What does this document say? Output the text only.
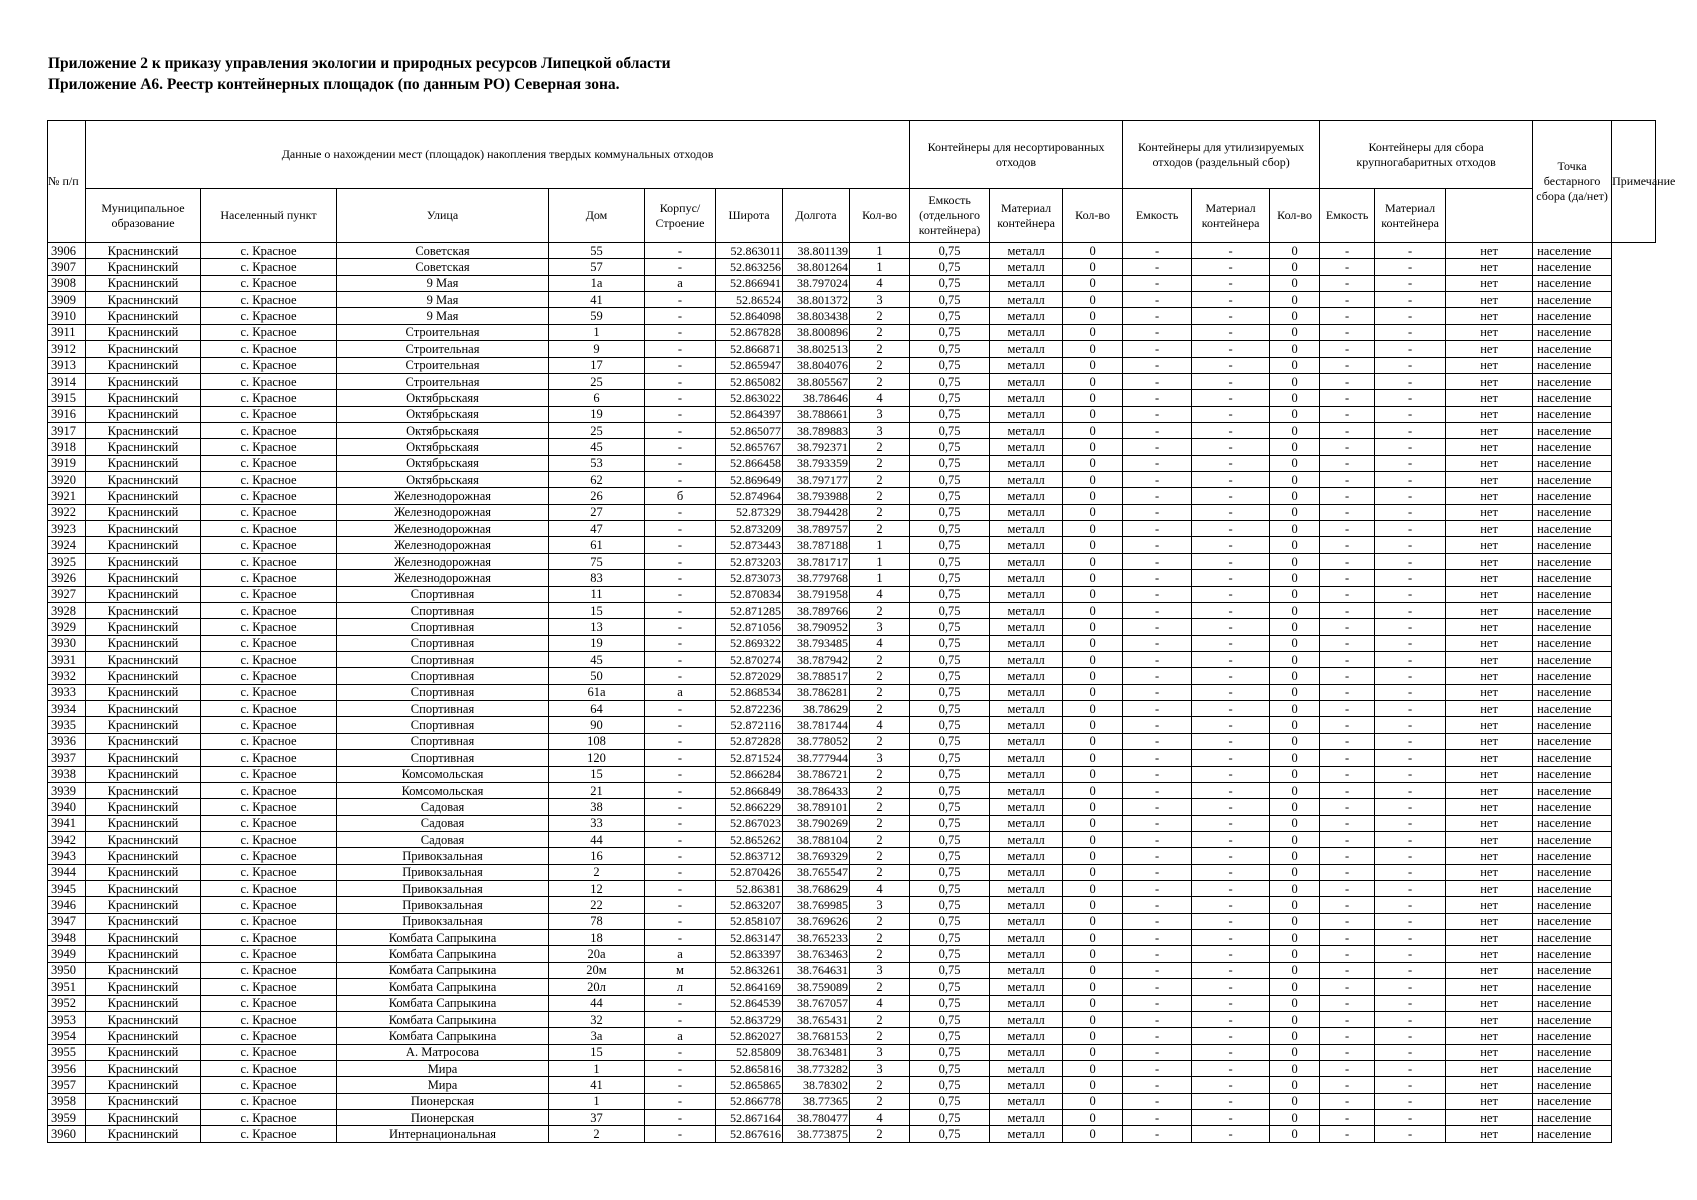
Приложение 2 к приказу управления экологии и природных ресурсов Липецкой области
Приложение А6. Реестр контейнерных площадок (по данным РО) Северная зона.
№ п/п	Данные о нахождении мест (площадок) накопления твердых коммунальных отходов								Контейнеры для несортированных отходов			Контейнеры для утилизируемых отходов (раздельный сбор)			Контейнеры для сбора крупногабаритных отходов			Точка бестарного сбора (да/нет)	Примечание
	Муниципальное образование	Населенный пункт	Улица	Дом	Корпус/ Строение	Широта	Долгота	Кол-во	Емкость (отдельного контейнера)	Материал контейнера	Кол-во	Емкость	Материал контейнера	Кол-во	Емкость	Материал контейнера			
3906	Краснинский	с. Красное	Советская	55	-	52.863011	38.801139	1	0,75	металл	0	-	-	0	-	-	нет	население	
3907	Краснинский	с. Красное	Советская	57	-	52.863256	38.801264	1	0,75	металл	0	-	-	0	-	-	нет	население	
3908	Краснинский	с. Красное	9 Мая	1а	а	52.866941	38.797024	4	0,75	металл	0	-	-	0	-	-	нет	население	
3909	Краснинский	с. Красное	9 Мая	41	-	52.86524	38.801372	3	0,75	металл	0	-	-	0	-	-	нет	население	
3910	Краснинский	с. Красное	9 Мая	59	-	52.864098	38.803438	2	0,75	металл	0	-	-	0	-	-	нет	население	
3911	Краснинский	с. Красное	Строительная	1	-	52.867828	38.800896	2	0,75	металл	0	-	-	0	-	-	нет	население	
3912	Краснинский	с. Красное	Строительная	9	-	52.866871	38.802513	2	0,75	металл	0	-	-	0	-	-	нет	население	
3913	Краснинский	с. Красное	Строительная	17	-	52.865947	38.804076	2	0,75	металл	0	-	-	0	-	-	нет	население	
3914	Краснинский	с. Красное	Строительная	25	-	52.865082	38.805567	2	0,75	металл	0	-	-	0	-	-	нет	население	
3915	Краснинский	с. Красное	Октябрьскаяя	6	-	52.863022	38.78646	4	0,75	металл	0	-	-	0	-	-	нет	население	
3916	Краснинский	с. Красное	Октябрьскаяя	19	-	52.864397	38.788661	3	0,75	металл	0	-	-	0	-	-	нет	население	
3917	Краснинский	с. Красное	Октябрьскаяя	25	-	52.865077	38.789883	3	0,75	металл	0	-	-	0	-	-	нет	население	
3918	Краснинский	с. Красное	Октябрьскаяя	45	-	52.865767	38.792371	2	0,75	металл	0	-	-	0	-	-	нет	население	
3919	Краснинский	с. Красное	Октябрьскаяя	53	-	52.866458	38.793359	2	0,75	металл	0	-	-	0	-	-	нет	население	
3920	Краснинский	с. Красное	Октябрьскаяя	62	-	52.869649	38.797177	2	0,75	металл	0	-	-	0	-	-	нет	население	
3921	Краснинский	с. Красное	Железнодорожная	26	б	52.874964	38.793988	2	0,75	металл	0	-	-	0	-	-	нет	население	
3922	Краснинский	с. Красное	Железнодорожная	27	-	52.87329	38.794428	2	0,75	металл	0	-	-	0	-	-	нет	население	
3923	Краснинский	с. Красное	Железнодорожная	47	-	52.873209	38.789757	2	0,75	металл	0	-	-	0	-	-	нет	население	
3924	Краснинский	с. Красное	Железнодорожная	61	-	52.873443	38.787188	1	0,75	металл	0	-	-	0	-	-	нет	население	
3925	Краснинский	с. Красное	Железнодорожная	75	-	52.873203	38.781717	1	0,75	металл	0	-	-	0	-	-	нет	население	
3926	Краснинский	с. Красное	Железнодорожная	83	-	52.873073	38.779768	1	0,75	металл	0	-	-	0	-	-	нет	население	
3927	Краснинский	с. Красное	Спортивная	11	-	52.870834	38.791958	4	0,75	металл	0	-	-	0	-	-	нет	население	
3928	Краснинский	с. Красное	Спортивная	15	-	52.871285	38.789766	2	0,75	металл	0	-	-	0	-	-	нет	население	
3929	Краснинский	с. Красное	Спортивная	13	-	52.871056	38.790952	3	0,75	металл	0	-	-	0	-	-	нет	население	
3930	Краснинский	с. Красное	Спортивная	19	-	52.869322	38.793485	4	0,75	металл	0	-	-	0	-	-	нет	население	
3931	Краснинский	с. Красное	Спортивная	45	-	52.870274	38.787942	2	0,75	металл	0	-	-	0	-	-	нет	население	
3932	Краснинский	с. Красное	Спортивная	50	-	52.872029	38.788517	2	0,75	металл	0	-	-	0	-	-	нет	население	
3933	Краснинский	с. Красное	Спортивная	61а	а	52.868534	38.786281	2	0,75	металл	0	-	-	0	-	-	нет	население	
3934	Краснинский	с. Красное	Спортивная	64	-	52.872236	38.78629	2	0,75	металл	0	-	-	0	-	-	нет	население	
3935	Краснинский	с. Красное	Спортивная	90	-	52.872116	38.781744	4	0,75	металл	0	-	-	0	-	-	нет	население	
3936	Краснинский	с. Красное	Спортивная	108	-	52.872828	38.778052	2	0,75	металл	0	-	-	0	-	-	нет	население	
3937	Краснинский	с. Красное	Спортивная	120	-	52.871524	38.777944	3	0,75	металл	0	-	-	0	-	-	нет	население	
3938	Краснинский	с. Красное	Комсомольская	15	-	52.866284	38.786721	2	0,75	металл	0	-	-	0	-	-	нет	население	
3939	Краснинский	с. Красное	Комсомольская	21	-	52.866849	38.786433	2	0,75	металл	0	-	-	0	-	-	нет	население	
3940	Краснинский	с. Красное	Садовая	38	-	52.866229	38.789101	2	0,75	металл	0	-	-	0	-	-	нет	население	
3941	Краснинский	с. Красное	Садовая	33	-	52.867023	38.790269	2	0,75	металл	0	-	-	0	-	-	нет	население	
3942	Краснинский	с. Красное	Садовая	44	-	52.865262	38.788104	2	0,75	металл	0	-	-	0	-	-	нет	население	
3943	Краснинский	с. Красное	Привокзальная	16	-	52.863712	38.769329	2	0,75	металл	0	-	-	0	-	-	нет	население	
3944	Краснинский	с. Красное	Привокзальная	2	-	52.870426	38.765547	2	0,75	металл	0	-	-	0	-	-	нет	население	
3945	Краснинский	с. Красное	Привокзальная	12	-	52.86381	38.768629	4	0,75	металл	0	-	-	0	-	-	нет	население	
3946	Краснинский	с. Красное	Привокзальная	22	-	52.863207	38.769985	3	0,75	металл	0	-	-	0	-	-	нет	население	
3947	Краснинский	с. Красное	Привокзальная	78	-	52.858107	38.769626	2	0,75	металл	0	-	-	0	-	-	нет	население	
3948	Краснинский	с. Красное	Комбата Сапрыкина	18	-	52.863147	38.765233	2	0,75	металл	0	-	-	0	-	-	нет	население	
3949	Краснинский	с. Красное	Комбата Сапрыкина	20а	а	52.863397	38.763463	2	0,75	металл	0	-	-	0	-	-	нет	население	
3950	Краснинский	с. Красное	Комбата Сапрыкина	20м	м	52.863261	38.764631	3	0,75	металл	0	-	-	0	-	-	нет	население	
3951	Краснинский	с. Красное	Комбата Сапрыкина	20л	л	52.864169	38.759089	2	0,75	металл	0	-	-	0	-	-	нет	население	
3952	Краснинский	с. Красное	Комбата Сапрыкина	44	-	52.864539	38.767057	4	0,75	металл	0	-	-	0	-	-	нет	население	
3953	Краснинский	с. Красное	Комбата Сапрыкина	32	-	52.863729	38.765431	2	0,75	металл	0	-	-	0	-	-	нет	население	
3954	Краснинский	с. Красное	Комбата Сапрыкина	3а	а	52.862027	38.768153	2	0,75	металл	0	-	-	0	-	-	нет	население	
3955	Краснинский	с. Красное	А. Матросова	15	-	52.85809	38.763481	3	0,75	металл	0	-	-	0	-	-	нет	население	
3956	Краснинский	с. Красное	Мира	1	-	52.865816	38.773282	3	0,75	металл	0	-	-	0	-	-	нет	население	
3957	Краснинский	с. Красное	Мира	41	-	52.865865	38.78302	2	0,75	металл	0	-	-	0	-	-	нет	население	
3958	Краснинский	с. Красное	Пионерская	1	-	52.866778	38.77365	2	0,75	металл	0	-	-	0	-	-	нет	население	
3959	Краснинский	с. Красное	Пионерская	37	-	52.867164	38.780477	4	0,75	металл	0	-	-	0	-	-	нет	население	
3960	Краснинский	с. Красное	Интернациональная	2	-	52.867616	38.773875	2	0,75	металл	0	-	-	0	-	-	нет	население	
